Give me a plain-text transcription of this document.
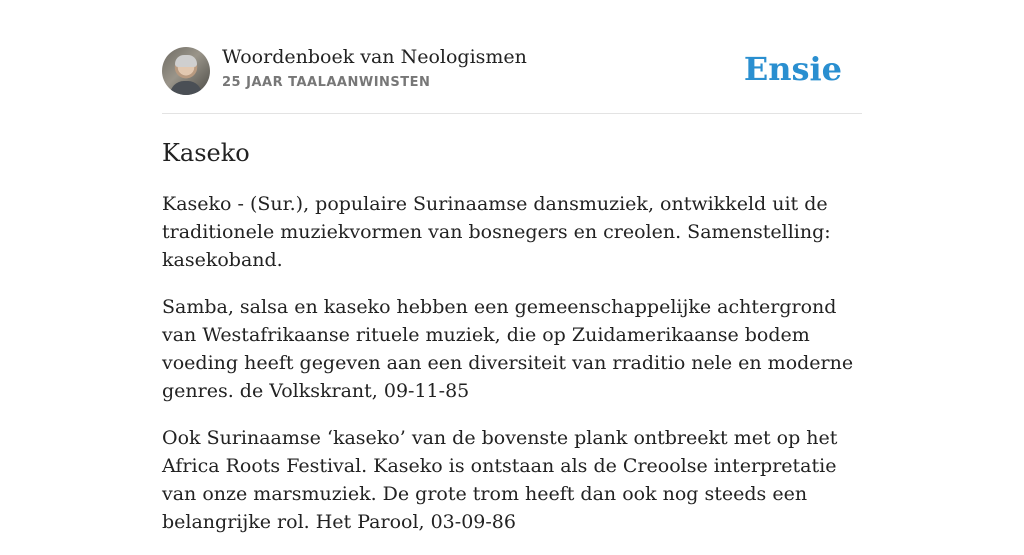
Woordenboek van Neologismen
25 JAAR TAALAANWINSTEN	Ensie
Kaseko

Kaseko - (Sur.), populaire Surinaamse dansmuziek, ontwikkeld uit de traditionele muziekvormen van bosnegers en creolen. Samenstelling: kasekoband.

Samba, salsa en kaseko hebben een gemeenschappelijke achtergrond van Westafrikaanse rituele muziek, die op Zuidamerikaanse bodem voeding heeft gegeven aan een diversiteit van rraditio nele en moderne genres. de Volkskrant, 09-11-85

Ook Surinaamse ‘kaseko’ van de bovenste plank ontbreekt met op het Africa Roots Festival. Kaseko is ontstaan als de Creoolse interpretatie van onze marsmuziek. De grote trom heeft dan ook nog steeds een belangrijke rol. Het Parool, 03-09-86
